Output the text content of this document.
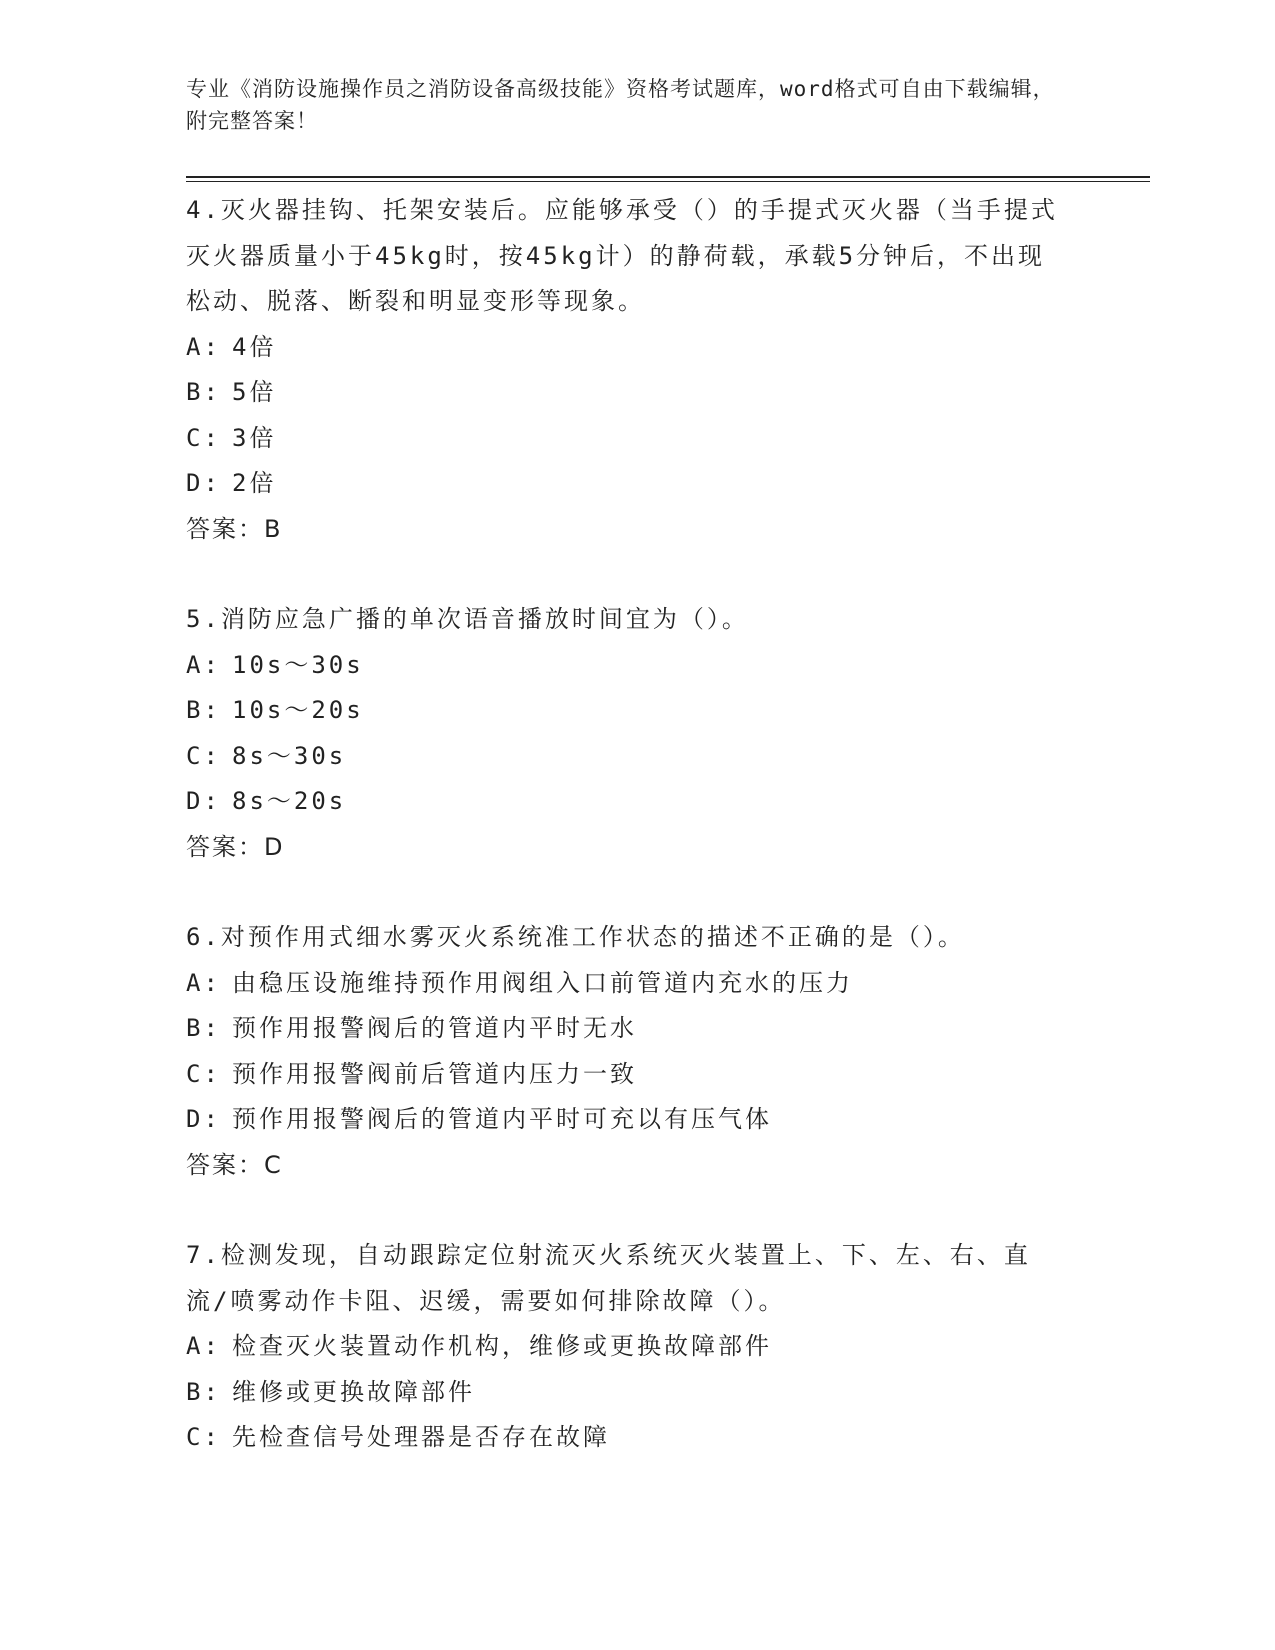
专业《消防设施操作员之消防设备高级技能》资格考试题库，word格式可自由下载编辑，附完整答案！

4.灭火器挂钩、托架安装后。应能够承受（）的手提式灭火器（当手提式灭火器质量小于45kg时，按45kg计）的静荷载，承载5分钟后，不出现松动、脱落、断裂和明显变形等现象。

A: 4倍

B: 5倍

C: 3倍

D: 2倍

答案：B

5.消防应急广播的单次语音播放时间宜为（）。

A: 10s～30s

B: 10s～20s

C: 8s～30s

D: 8s～20s

答案：D

6.对预作用式细水雾灭火系统准工作状态的描述不正确的是（）。

A: 由稳压设施维持预作用阀组入口前管道内充水的压力

B: 预作用报警阀后的管道内平时无水

C: 预作用报警阀前后管道内压力一致

D: 预作用报警阀后的管道内平时可充以有压气体

答案：C

7.检测发现，自动跟踪定位射流灭火系统灭火装置上、下、左、右、直流/喷雾动作卡阻、迟缓，需要如何排除故障（）。

A: 检查灭火装置动作机构，维修或更换故障部件

B: 维修或更换故障部件

C: 先检查信号处理器是否存在故障
